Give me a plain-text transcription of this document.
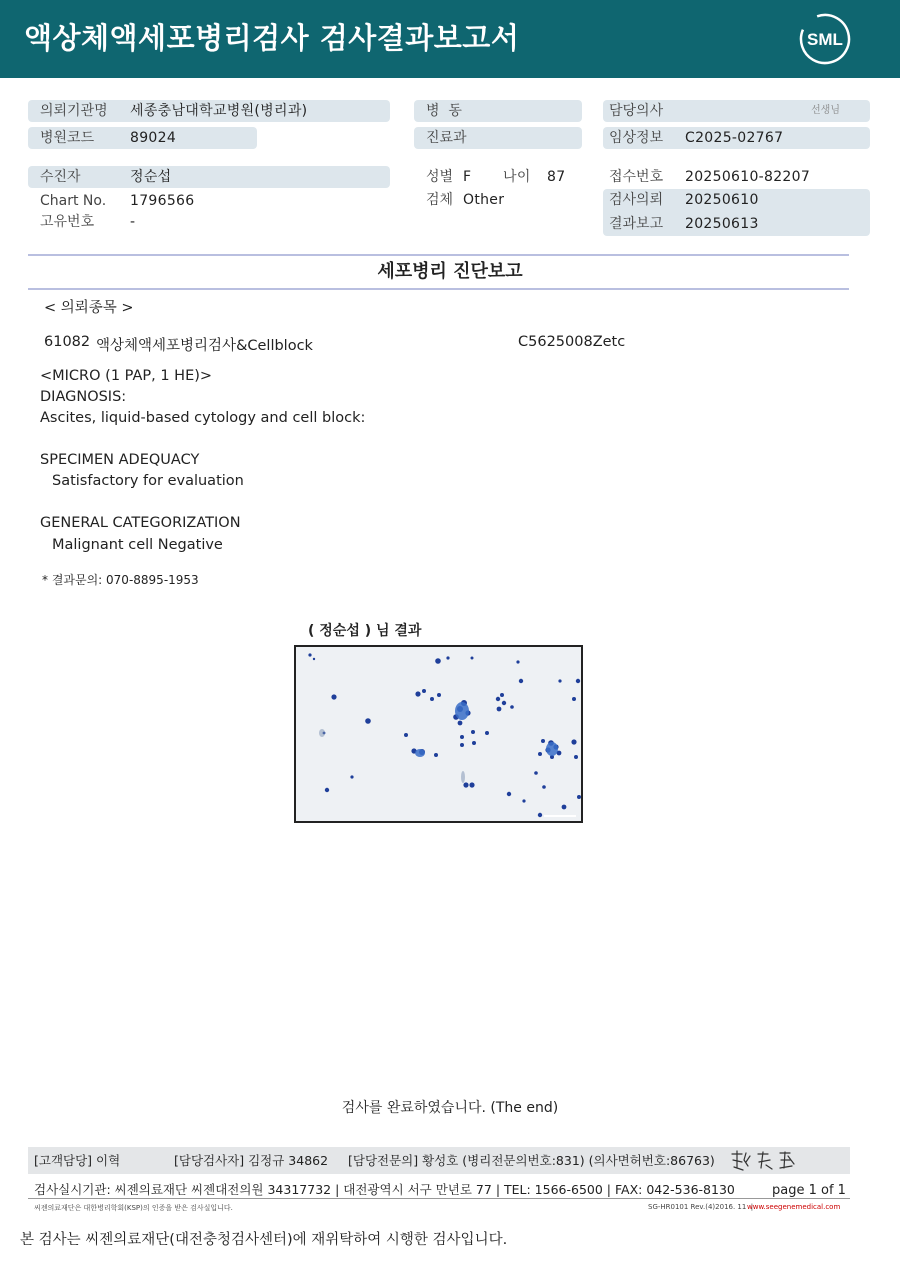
액상체액세포병리검사 검사결과보고서	SML
의뢰기관명 세종충남대학교병원(병리과)
병원코드	89024
수진자	정순섭
Chart No. 1796566
고유번호	-
병  동
진료과
성별 F 나이 87
검체 Other
담당의사	선생님
임상정보 C2025-02767
접수번호 20250610-82207
검사의뢰 20250610
결과보고 20250613
세포병리 진단보고
< 의뢰종목 >
61082 액상체액세포병리검사&Cellblock	C5625008Zetc
<MICRO (1 PAP, 1 HE)>
DIAGNOSIS:
Ascites, liquid-based cytology and cell block:
SPECIMEN ADEQUACY
Satisfactory for evaluation
GENERAL CATEGORIZATION
Malignant cell Negative
* 결과문의: 070-8895-1953
( 정순섭 ) 님 결과
검사를 완료하였습니다. (The end)
[고객담당] 이혁	[담당검사자] 김정규 34862 [담당전문의] 황성호 (병리전문의번호:831) (의사면허번호:86763)
검사실시기관: 씨젠의료재단 씨젠대전의원 34317732 | 대전광역시 서구 만년로 77 | TEL: 1566-6500 | FAX: 042-536-8130	page 1 of 1
씨젠의료재단은 대한병리학회(KSP)의 인증을 받은 검사실입니다.	SG-HR0101 Rev.(4)2016. 11  |
www.seegenemedical.com
본 검사는 씨젠의료재단(대전충청검사센터)에 재위탁하여 시행한 검사입니다.
